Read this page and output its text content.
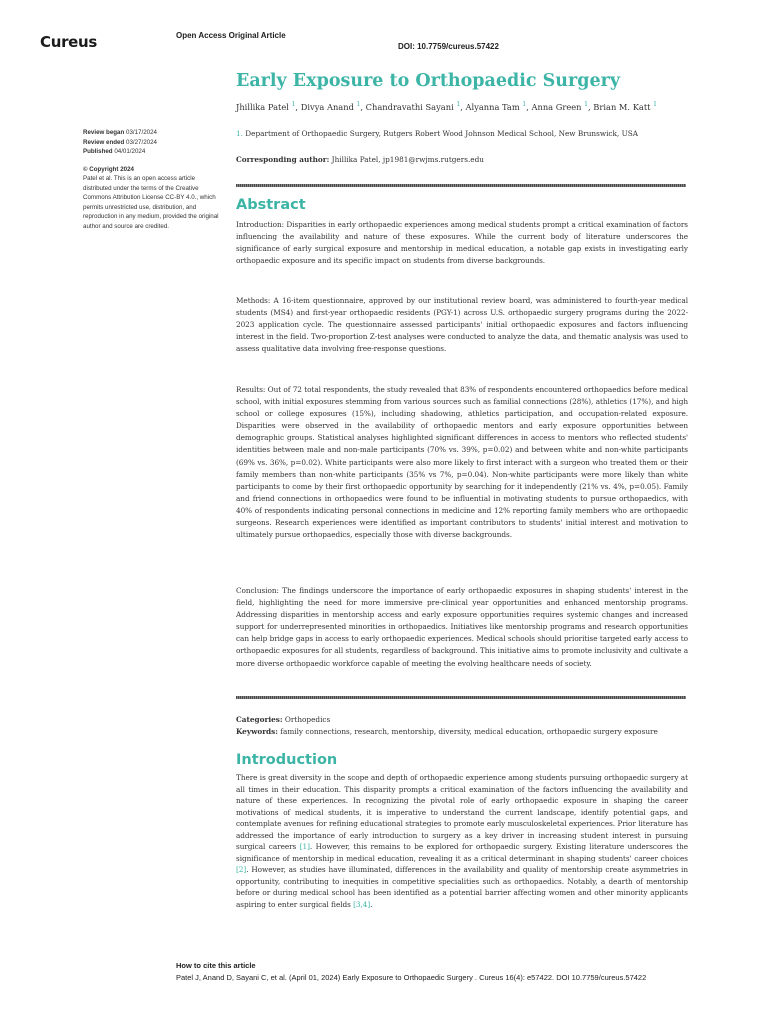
Cureus	Open Access Original Article
DOI: 10.7759/cureus.57422
Early Exposure to Orthopaedic Surgery
Jhillika Patel $^1$, Divya Anand $^1$, Chandravathi Sayani $^1$, Alyanna Tam $^1$, Anna Green $^1$, Brian M. Katt $^1$
Review began 03/17/2024
Review ended 03/27/2024
Published 04/01/2024
© Copyright 2024
Patel et al. This is an open access article distributed under the terms of the Creative Commons Attribution License CC-BY 4.0., which permits unrestricted use, distribution, and reproduction in any medium, provided the original author and source are credited.
1. Department of Orthopaedic Surgery, Rutgers Robert Wood Johnson Medical School, New Brunswick, USA
Corresponding author: Jhillika Patel, jp1981@rwjms.rutgers.edu
Abstract

Introduction: Disparities in early orthopaedic experiences among medical students prompt a critical examination of factors influencing the availability and nature of these exposures. While the current body of literature underscores the significance of early surgical exposure and mentorship in medical education, a notable gap exists in investigating early orthopaedic exposure and its specific impact on students from diverse backgrounds.

Methods: A 16-item questionnaire, approved by our institutional review board, was administered to fourth-year medical students (MS4) and first-year orthopaedic residents (PGY-1) across U.S. orthopaedic surgery programs during the 2022-2023 application cycle. The questionnaire assessed participants' initial orthopaedic exposures and factors influencing interest in the field. Two-proportion Z-test analyses were conducted to analyze the data, and thematic analysis was used to assess qualitative data involving free-response questions.

Results: Out of 72 total respondents, the study revealed that 83% of respondents encountered orthopaedics before medical school, with initial exposures stemming from various sources such as familial connections (28%), athletics (17%), and high school or college exposures (15%), including shadowing, athletics participation, and occupation-related exposure. Disparities were observed in the availability of orthopaedic mentors and early exposure opportunities between demographic groups. Statistical analyses highlighted significant differences in access to mentors who reflected students' identities between male and non-male participants (70% vs. 39%, p=0.02) and between white and non-white participants (69% vs. 36%, p=0.02). White participants were also more likely to first interact with a surgeon who treated them or their family members than non-white participants (35% vs 7%, p=0.04). Non-white participants were more likely than white participants to come by their first orthopaedic opportunity by searching for it independently (21% vs. 4%, p=0.05). Family and friend connections in orthopaedics were found to be influential in motivating students to pursue orthopaedics, with 40% of respondents indicating personal connections in medicine and 12% reporting family members who are orthopaedic surgeons. Research experiences were identified as important contributors to students' initial interest and motivation to ultimately pursue orthopaedics, especially those with diverse backgrounds.

Conclusion: The findings underscore the importance of early orthopaedic exposures in shaping students' interest in the field, highlighting the need for more immersive pre-clinical year opportunities and enhanced mentorship programs. Addressing disparities in mentorship access and early exposure opportunities requires systemic changes and increased support for underrepresented minorities in orthopaedics. Initiatives like mentorship programs and research opportunities can help bridge gaps in access to early orthopaedic experiences. Medical schools should prioritise targeted early access to orthopaedic exposures for all students, regardless of background. This initiative aims to promote inclusivity and cultivate a more diverse orthopaedic workforce capable of meeting the evolving healthcare needs of society.

Categories: Orthopedics
Keywords: family connections, research, mentorship, diversity, medical education, orthopaedic surgery exposure
Introduction

There is great diversity in the scope and depth of orthopaedic experience among students pursuing orthopaedic surgery at all times in their education. This disparity prompts a critical examination of the factors influencing the availability and nature of these experiences. In recognizing the pivotal role of early orthopaedic exposure in shaping the career motivations of medical students, it is imperative to understand the current landscape, identify potential gaps, and contemplate avenues for refining educational strategies to promote early musculoskeletal experiences. Prior literature has addressed the importance of early introduction to surgery as a key driver in increasing student interest in pursuing surgical careers [1]. However, this remains to be explored for orthopaedic surgery. Existing literature underscores the significance of mentorship in medical education, revealing it as a critical determinant in shaping students' career choices [2]. However, as studies have illuminated, differences in the availability and quality of mentorship create asymmetries in opportunity, contributing to inequities in competitive specialities such as orthopaedics. Notably, a dearth of mentorship before or during medical school has been identified as a potential barrier affecting women and other minority applicants aspiring to enter surgical fields [3,4].

How to cite this article
Patel J, Anand D, Sayani C, et al. (April 01, 2024) Early Exposure to Orthopaedic Surgery . Cureus 16(4): e57422. DOI 10.7759/cureus.57422
